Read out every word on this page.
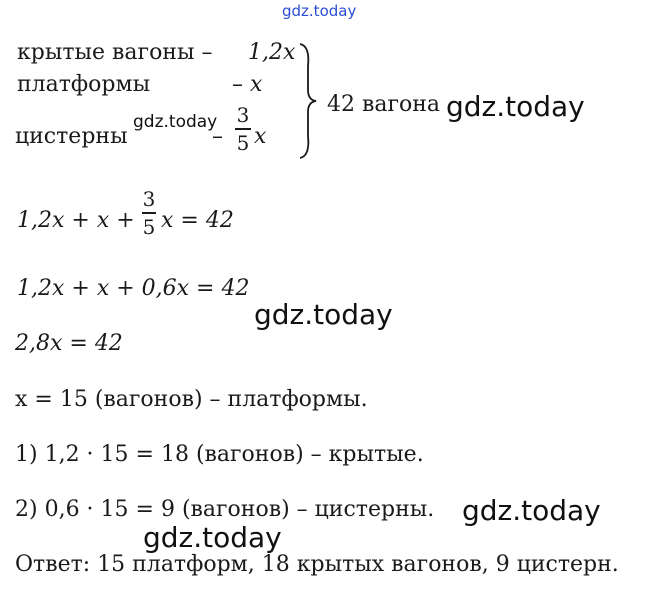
gdz.today
крытые вагоны – 1,2x
платформы	– x
gdz.today
цистерны	–
3
5 x
42 вагона gdz.today
1,2x + x +
3
5 x = 42
1,2x + x + 0,6x = 42
gdz.today
2,8x = 42
x = 15 (вагонов) – платформы.
1) 1,2 · 15 = 18 (вагонов) – крытые.
2) 0,6 · 15 = 9 (вагонов) – цистерны. gdz.today
gdz.today
Ответ: 15 платформ, 18 крытых вагонов, 9 цистерн.
